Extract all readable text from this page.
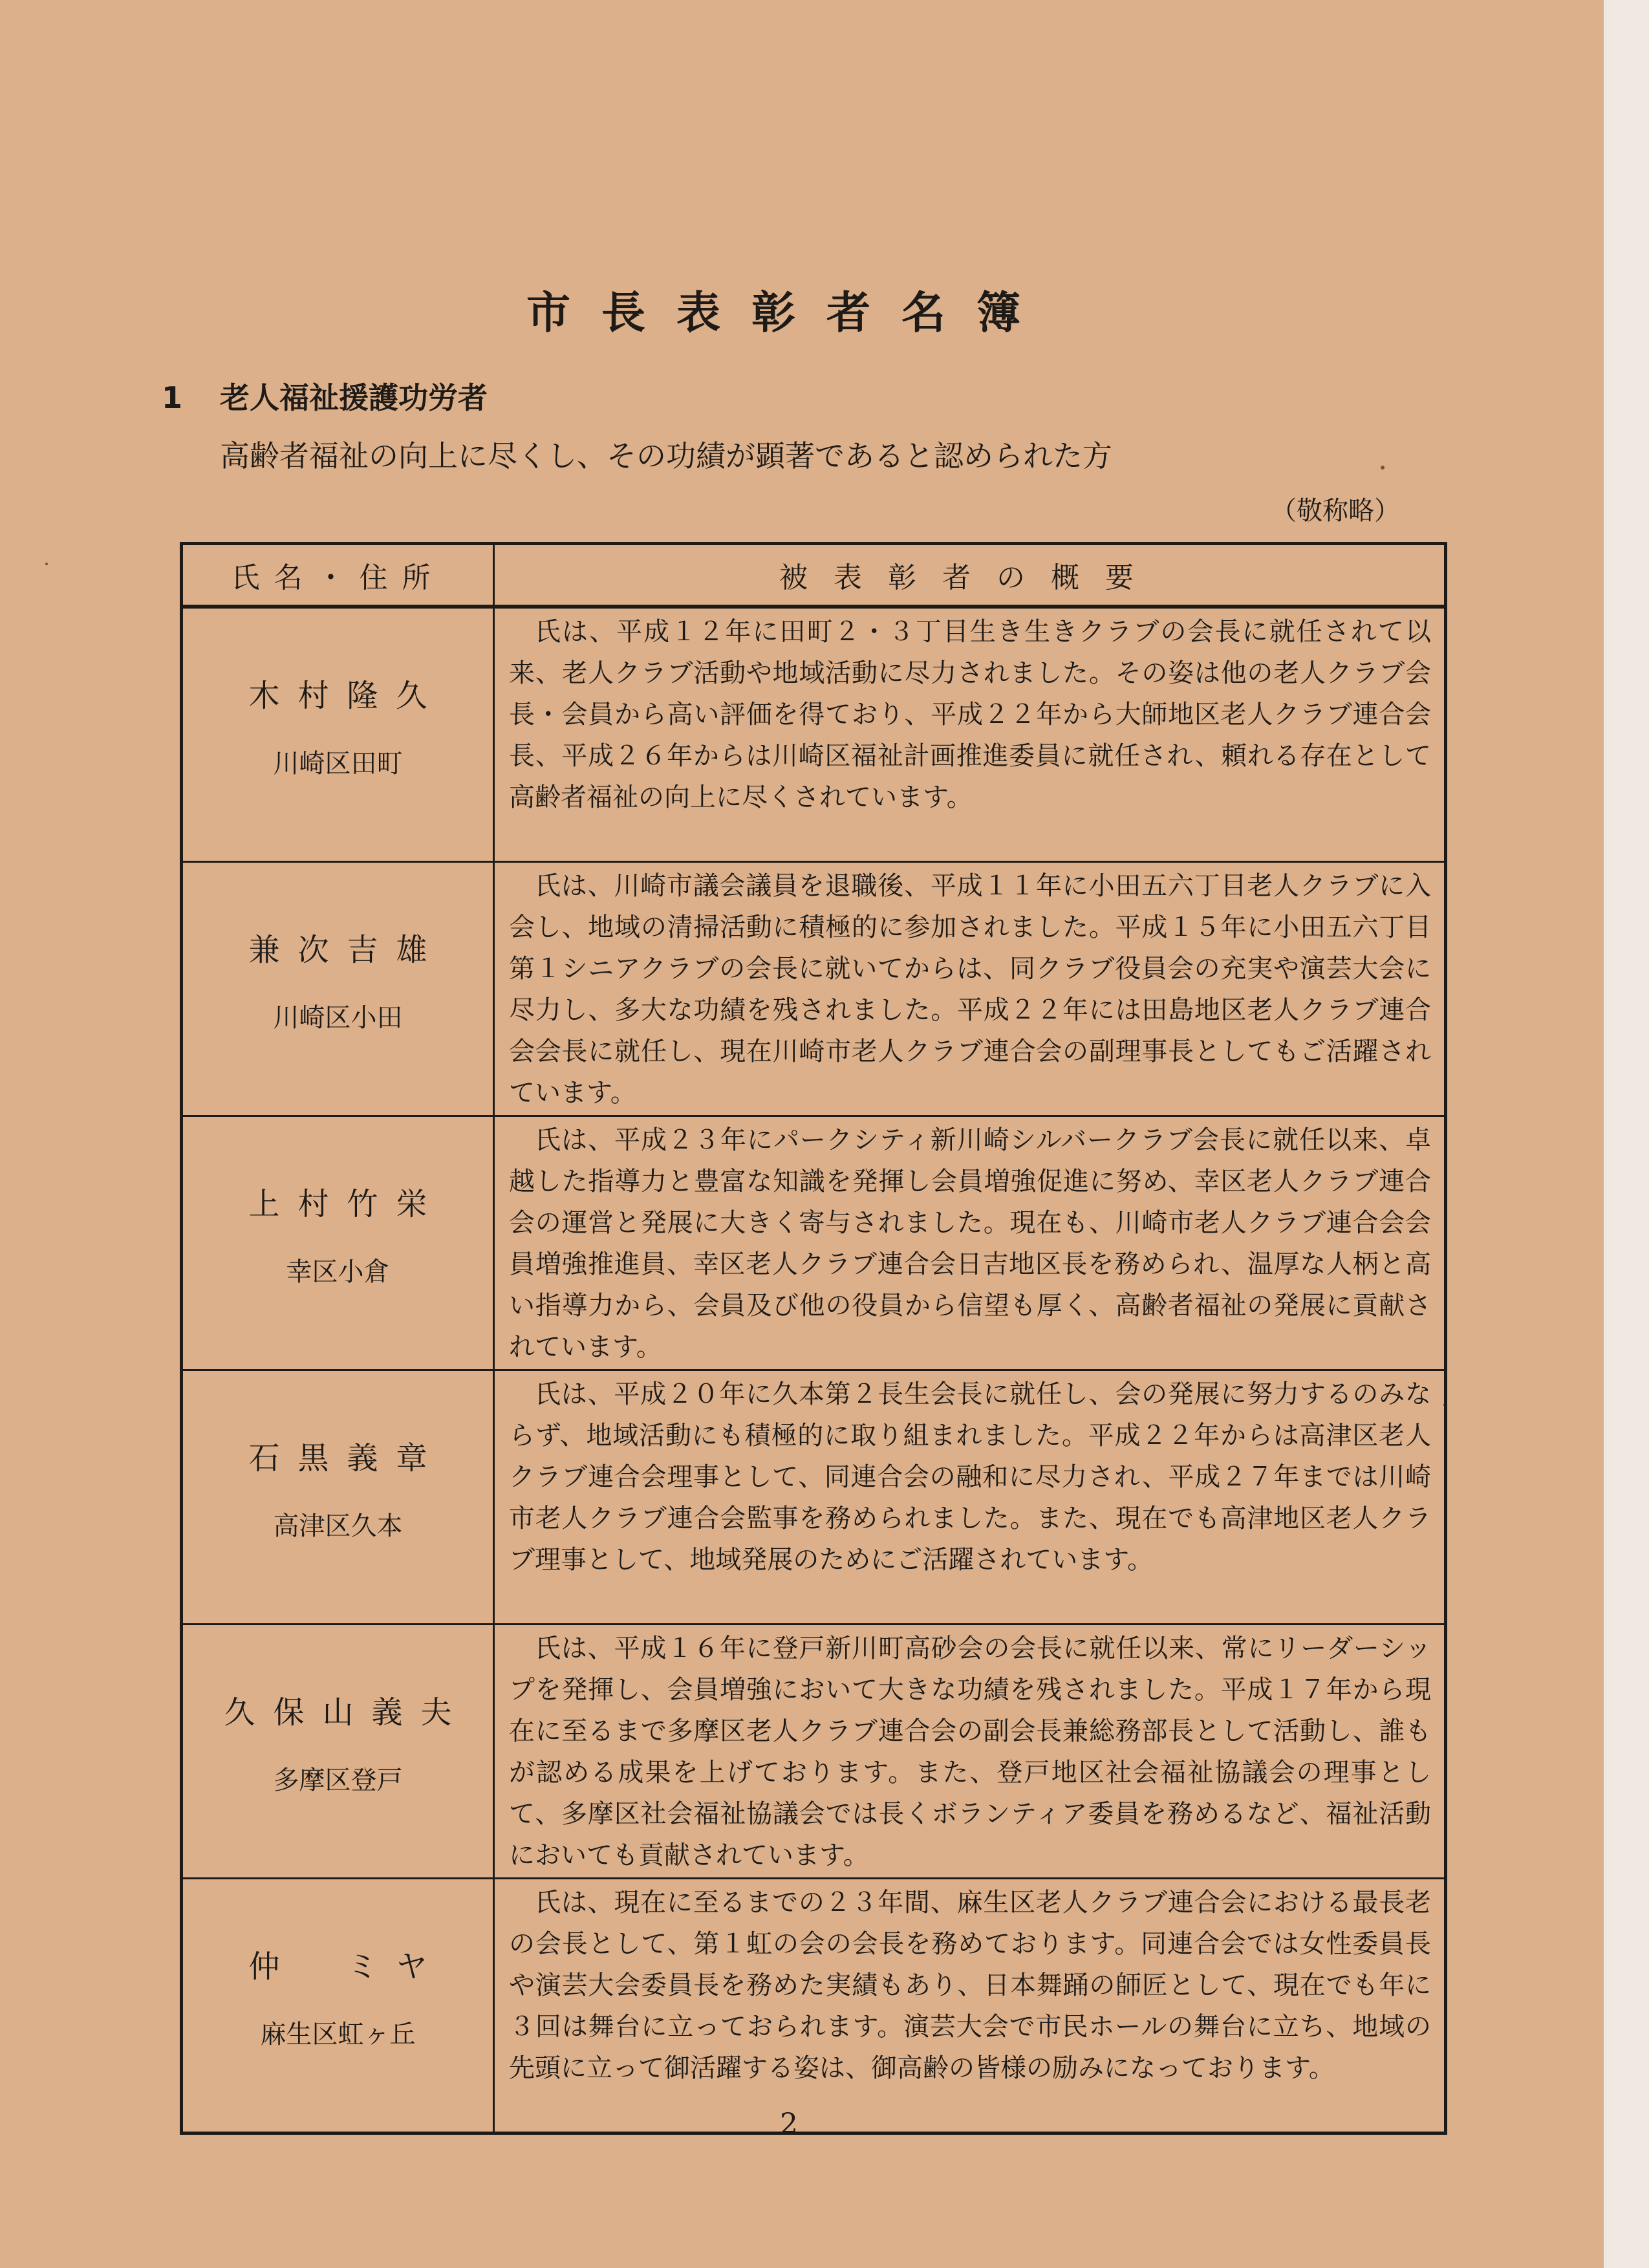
市長表彰者名簿
1 老人福祉援護功労者
高齢者福祉の向上に尽くし、その功績が顕著であると認められた方
（敬称略）
氏名・住所	被表彰者の概要

木村隆久
川崎区田町	氏は、平成１２年に田町２・３丁目生き生きクラブの会長に就任されて以来、老人クラブ活動や地域活動に尽力されました。その姿は他の老人クラブ会長・会員から高い評価を得ており、平成２２年から大師地区老人クラブ連合会長、平成２６年からは川崎区福祉計画推進委員に就任され、頼れる存在として高齢者福祉の向上に尽くされています。

兼次吉雄
川崎区小田	氏は、川崎市議会議員を退職後、平成１１年に小田五六丁目老人クラブに入会し、地域の清掃活動に積極的に参加されました。平成１５年に小田五六丁目第１シニアクラブの会長に就いてからは、同クラブ役員会の充実や演芸大会に尽力し、多大な功績を残されました。平成２２年には田島地区老人クラブ連合会会長に就任し、現在川崎市老人クラブ連合会の副理事長としてもご活躍されています。

上村竹栄
幸区小倉	氏は、平成２３年にパークシティ新川崎シルバークラブ会長に就任以来、卓越した指導力と豊富な知識を発揮し会員増強促進に努め、幸区老人クラブ連合会の運営と発展に大きく寄与されました。現在も、川崎市老人クラブ連合会会員増強推進員、幸区老人クラブ連合会日吉地区長を務められ、温厚な人柄と高い指導力から、会員及び他の役員から信望も厚く、高齢者福祉の発展に貢献されています。

石黒義章
高津区久本	氏は、平成２０年に久本第２長生会長に就任し、会の発展に努力するのみならず、地域活動にも積極的に取り組まれました。平成２２年からは高津区老人クラブ連合会理事として、同連合会の融和に尽力され、平成２７年までは川崎市老人クラブ連合会監事を務められました。また、現在でも高津地区老人クラブ理事として、地域発展のためにご活躍されています。

久保山義夫
多摩区登戸	氏は、平成１６年に登戸新川町高砂会の会長に就任以来、常にリーダーシップを発揮し、会員増強において大きな功績を残されました。平成１７年から現在に至るまで多摩区老人クラブ連合会の副会長兼総務部長として活動し、誰もが認める成果を上げております。また、登戸地区社会福祉協議会の理事として、多摩区社会福祉協議会では長くボランティア委員を務めるなど、福祉活動においても貢献されています。

仲　ミヤ
麻生区虹ヶ丘	氏は、現在に至るまでの２３年間、麻生区老人クラブ連合会における最長老の会長として、第１虹の会の会長を務めております。同連合会では女性委員長や演芸大会委員長を務めた実績もあり、日本舞踊の師匠として、現在でも年に３回は舞台に立っておられます。演芸大会で市民ホールの舞台に立ち、地域の先頭に立って御活躍する姿は、御高齢の皆様の励みになっております。
2
